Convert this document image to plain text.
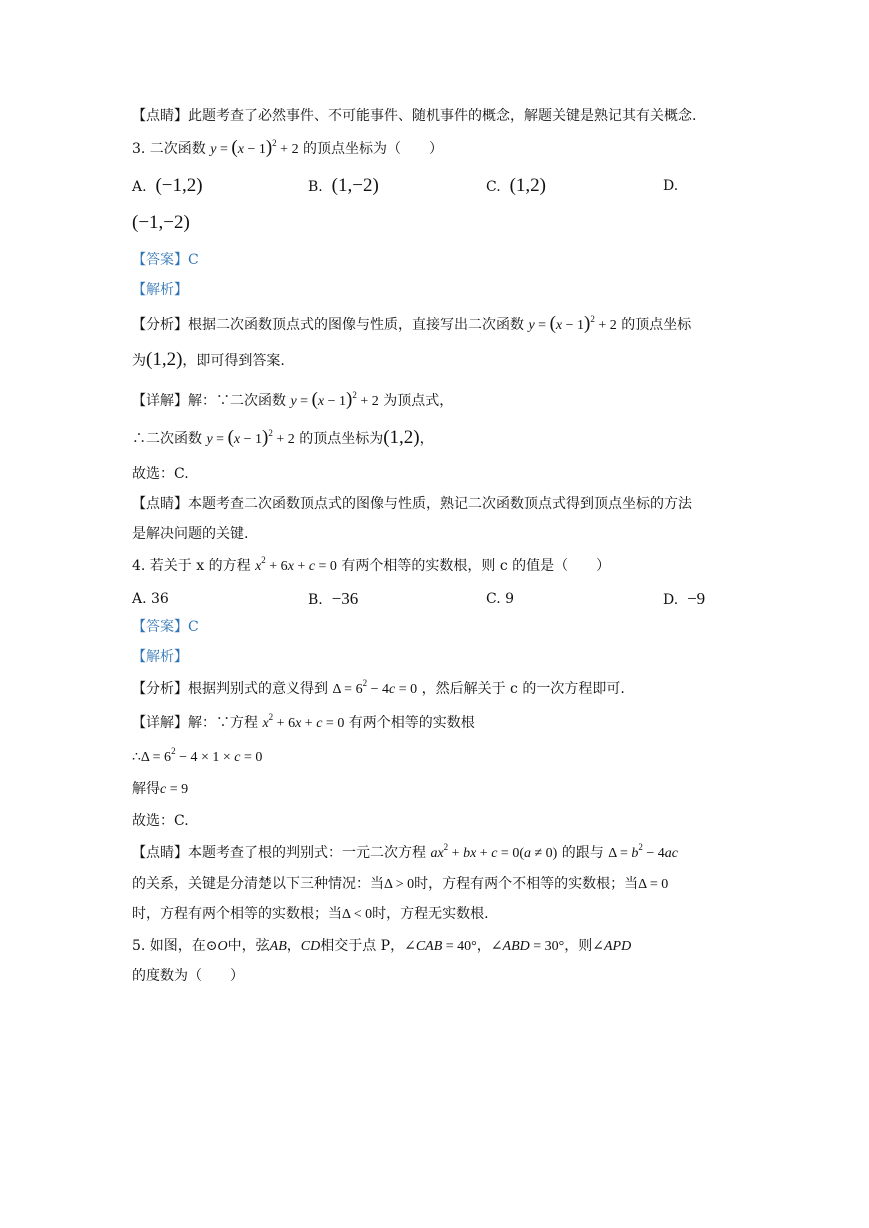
【点睛】此题考查了必然事件、不可能事件、随机事件的概念，解题关键是熟记其有关概念.
3. 二次函数 $y = (x - 1)^2 + 2$ 的顶点坐标为（　　）
A. (−1,2)	B. (1,−2)	C. (1,2)	D.
(−1,−2)
【答案】C
【解析】
【分析】根据二次函数顶点式的图像与性质，直接写出二次函数 $y = (x - 1)^2 + 2$ 的顶点坐标
为(1,2)，即可得到答案.
【详解】解：∵二次函数 $y = (x - 1)^2 + 2$ 为顶点式，
∴二次函数 $y = (x - 1)^2 + 2$ 的顶点坐标为(1,2)，
故选：C.
【点睛】本题考查二次函数顶点式的图像与性质，熟记二次函数顶点式得到顶点坐标的方法
是解决问题的关键.
4. 若关于 x 的方程 $x^2 + 6x + c = 0$ 有两个相等的实数根，则 c 的值是（　　）
A. 36	B. −36	C. 9	D. −9
【答案】C
【解析】
【分析】根据判别式的意义得到 $\Delta = 6^2 - 4c = 0$ ，然后解关于 c 的一次方程即可.
【详解】解：∵方程 $x^2 + 6x + c = 0$ 有两个相等的实数根
∴Δ = $6^2 - 4 \times 1 \times c = 0$
解得c = 9
故选：C.
【点睛】本题考查了根的判别式：一元二次方程 $ax^2$ + bx + c = 0(a ≠ 0) 的跟与 $\Delta = b^2 - 4ac$
的关系，关键是分清楚以下三种情况：当Δ > 0时，方程有两个不相等的实数根；当Δ = 0
时，方程有两个相等的实数根；当Δ < 0时，方程无实数根.
5. 如图，在⊙O中，弦AB，CD相交于点 P，∠CAB = 40°，∠ABD = 30°，则∠APD
的度数为（　　）
